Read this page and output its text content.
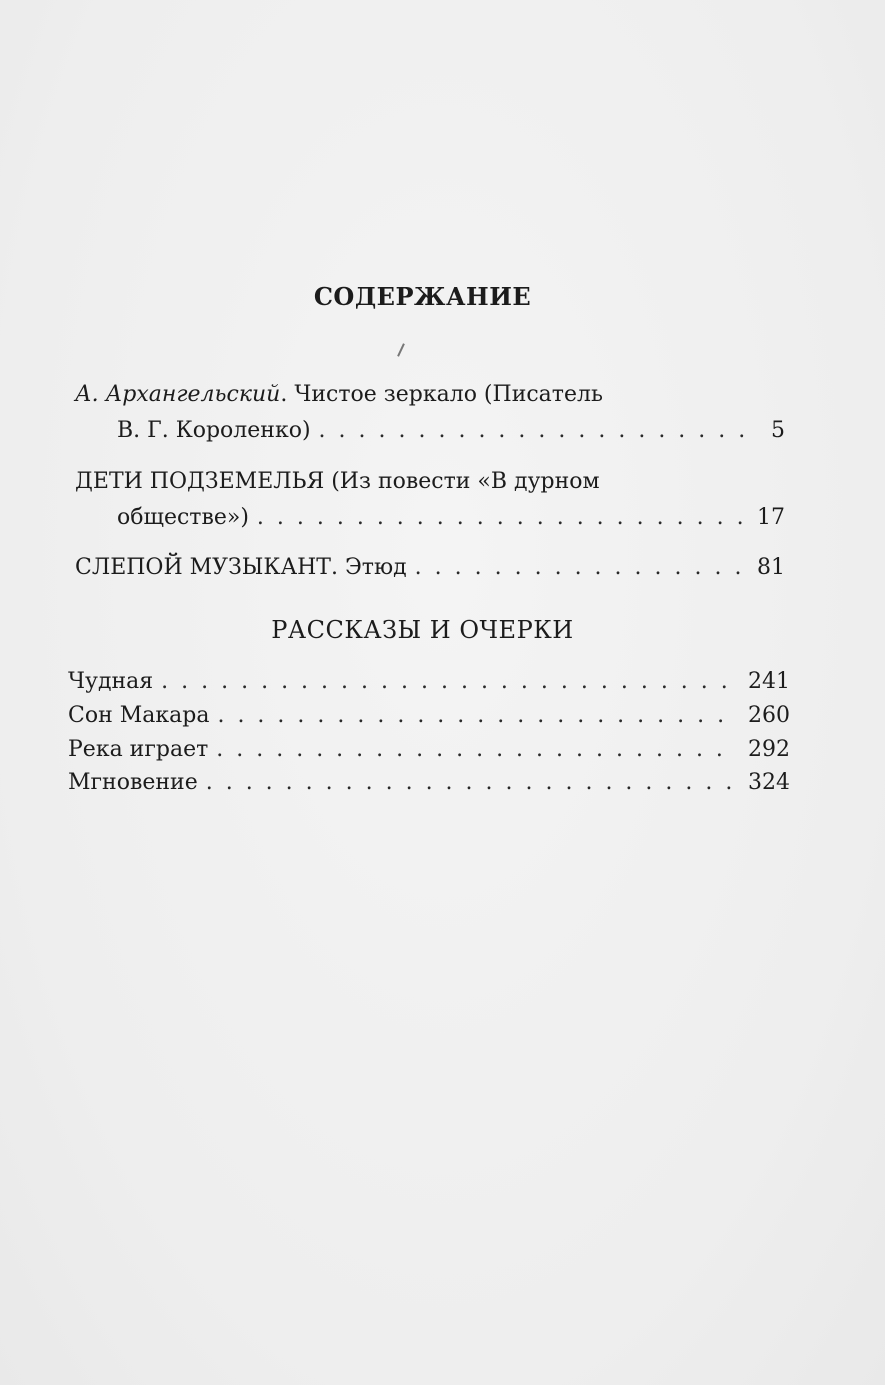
СОДЕРЖАНИЕ
А. Архангельский . Чистое зеркало (Писатель
В. Г. Короленко) . . .	5
ДЕТИ ПОДЗЕМЕЛЬЯ (Из повести «В дурном
обществе») . . .	17
СЛЕПОЙ МУЗЫКАНТ. Этюд . . .	81
РАССКАЗЫ И ОЧЕРКИ
Чудная . . .	241
Сон Макара . . .	260
Река играет . . .	292
Мгновение . . .	324
